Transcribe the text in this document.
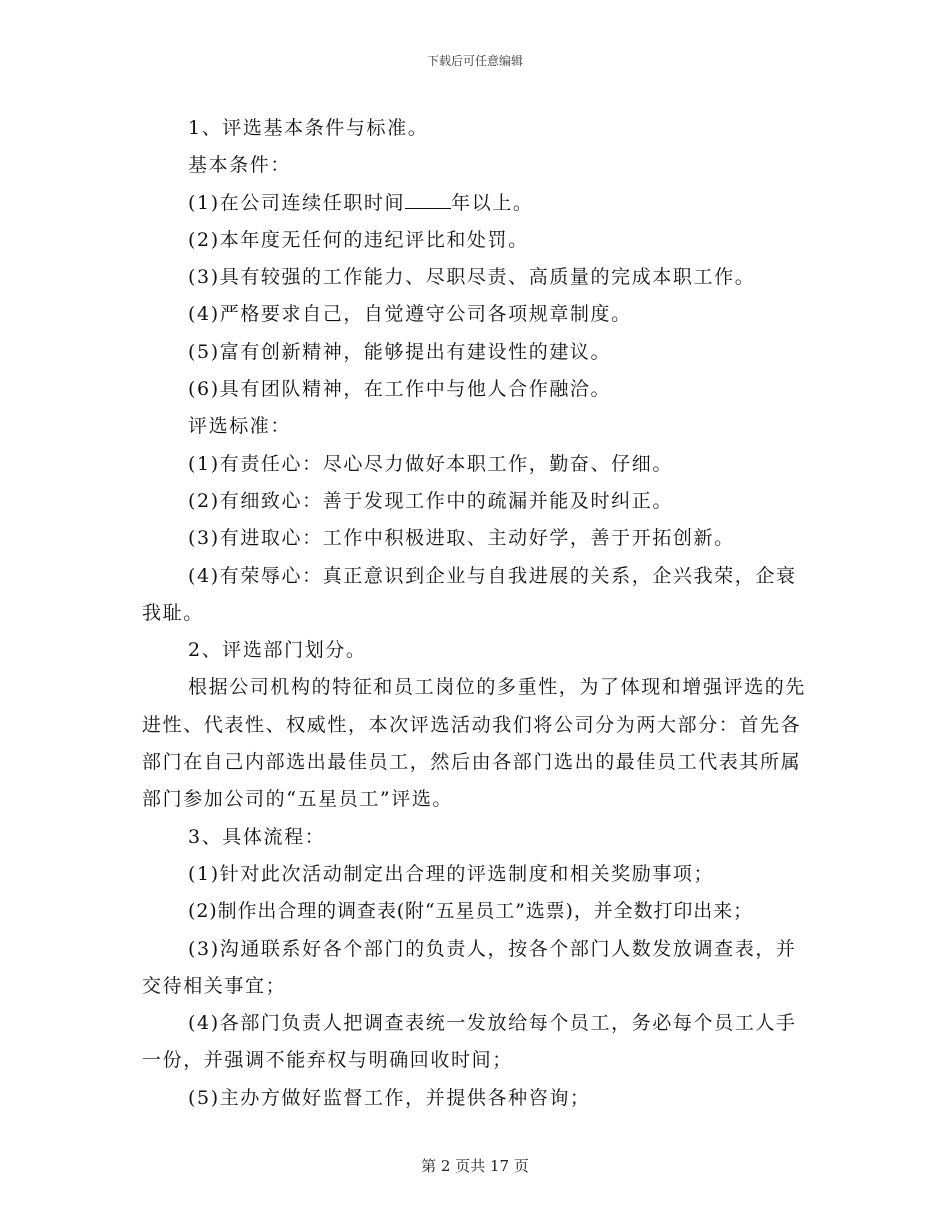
下载后可任意编辑

1、评选基本条件与标准。

基本条件：

(1)在公司连续任职时间 年以上。

(2)本年度无任何的违纪评比和处罚。

(3)具有较强的工作能力、尽职尽责、高质量的完成本职工作。

(4)严格要求自己，自觉遵守公司各项规章制度。

(5)富有创新精神，能够提出有建设性的建议。

(6)具有团队精神，在工作中与他人合作融洽。

评选标准：

(1)有责任心：尽心尽力做好本职工作，勤奋、仔细。

(2)有细致心：善于发现工作中的疏漏并能及时纠正。

(3)有进取心：工作中积极进取、主动好学，善于开拓创新。

(4)有荣辱心：真正意识到企业与自我进展的关系，企兴我荣，企衰我耻。

2、评选部门划分。

根据公司机构的特征和员工岗位的多重性，为了体现和增强评选的先进性、代表性、权威性，本次评选活动我们将公司分为两大部分：首先各部门在自己内部选出最佳员工，然后由各部门选出的最佳员工代表其所属部门参加公司的“五星员工”评选。

3、具体流程：

(1)针对此次活动制定出合理的评选制度和相关奖励事项；

(2)制作出合理的调查表(附“五星员工”选票)，并全数打印出来；

(3)沟通联系好各个部门的负责人，按各个部门人数发放调查表，并交待相关事宜；

(4)各部门负责人把调查表统一发放给每个员工，务必每个员工人手一份，并强调不能弃权与明确回收时间；

(5)主办方做好监督工作，并提供各种咨询；

第 2 页共 17 页
